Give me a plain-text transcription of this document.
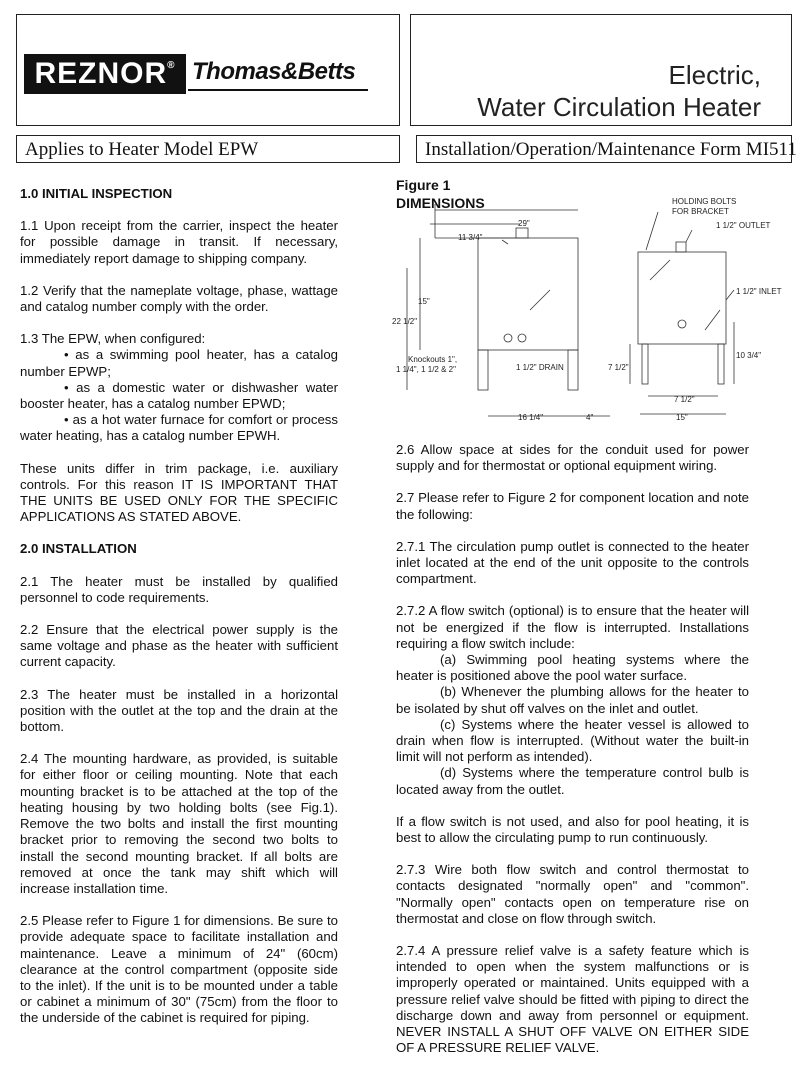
REZNOR ® Thomas&Betts	Electric,
Water Circulation Heater
Applies to Heater Model EPW	Installation/Operation/Maintenance Form MI511
1.0 INITIAL INSPECTION

1.1 Upon receipt from the carrier, inspect the heater for possible damage in transit. If necessary, immediately report damage to shipping company.

1.2 Verify that the nameplate voltage, phase, wattage and catalog number comply with the order.

1.3 The EPW, when configured:
• as a swimming pool heater, has a catalog number EPWP;
• as a domestic water or dishwasher water booster heater, has a catalog number EPWD;
• as a hot water furnace for comfort or process water heating, has a catalog number EPWH.

These units differ in trim package, i.e. auxiliary controls. For this reason IT IS IMPORTANT THAT THE UNITS BE USED ONLY FOR THE SPECIFIC APPLICATIONS AS STATED ABOVE.

2.0 INSTALLATION

2.1 The heater must be installed by qualified personnel to code requirements.

2.2 Ensure that the electrical power supply is the same voltage and phase as the heater with sufficient current capacity.

2.3 The heater must be installed in a horizontal position with the outlet at the top and the drain at the bottom.

2.4 The mounting hardware, as provided, is suitable for either floor or ceiling mounting. Note that each mounting bracket is to be attached at the top of the heating housing by two holding bolts (see Fig.1). Remove the two bolts and install the first mounting bracket prior to removing the second two bolts to install the second mounting bracket. If all bolts are removed at once the tank may shift which will increase installation time.

2.5 Please refer to Figure 1 for dimensions. Be sure to provide adequate space to facilitate installation and maintenance. Leave a minimum of 24" (60cm) clearance at the control compartment (opposite side to the inlet). If the unit is to be mounted under a table or cabinet a minimum of 30" (75cm) from the floor to the underside of the cabinet is required for piping.

Figure 1
DIMENSIONS
29"
11 3/4"
15"
22 1/2"
Knockouts 1",
1 1/4", 1 1/2 & 2"	1 1/2" DRAIN
16 1/4"	4"
HOLDING BOLTS
FOR BRACKET
1 1/2" OUTLET
1 1/2" INLET
7 1/2"
10 3/4"
7 1/2"
15"

2.6 Allow space at sides for the conduit used for power supply and for thermostat or optional equipment wiring.

2.7 Please refer to Figure 2 for component location and note the following:

2.7.1 The circulation pump outlet is connected to the heater inlet located at the end of the unit opposite to the controls compartment.

2.7.2 A flow switch (optional) is to ensure that the heater will not be energized if the flow is interrupted. Installations requiring a flow switch include:
(a) Swimming pool heating systems where the heater is positioned above the pool water surface.
(b) Whenever the plumbing allows for the heater to be isolated by shut off valves on the inlet and outlet.
(c) Systems where the heater vessel is allowed to drain when flow is interrupted. (Without water the built-in limit will not perform as intended).
(d) Systems where the temperature control bulb is located away from the outlet.

If a flow switch is not used, and also for pool heating, it is best to allow the circulating pump to run continuously.

2.7.3 Wire both flow switch and control thermostat to contacts designated "normally open" and "common". "Normally open" contacts open on temperature rise on thermostat and close on flow through switch.

2.7.4 A pressure relief valve is a safety feature which is intended to open when the system malfunctions or is improperly operated or maintained. Units equipped with a pressure relief valve should be fitted with piping to direct the discharge down and away from personnel or equipment. NEVER INSTALL A SHUT OFF VALVE ON EITHER SIDE OF A PRESSURE RELIEF VALVE.
